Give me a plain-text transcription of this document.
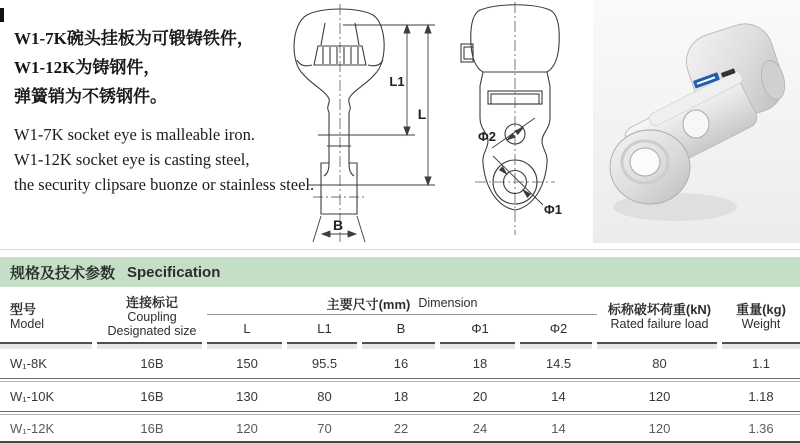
W1-7K碗头挂板为可锻铸铁件，
W1-12K为铸钢件，
弹簧销为不锈钢件。
W1-7K socket eye is malleable iron.
W1-12K socket eye is casting steel,
the security clipsare buonze or stainless steel.
L1
L
B
Φ2
Φ1
规格及技术参数 Specification
型号
Model
连接标记
Coupling
Designated size
主要尺寸(mm) Dimension
L	L1	B	Φ1	Φ2
标称破坏荷重(kN)
Rated failure load
重量(kg)
Weight
W₁-8K	16B	150	95.5	16	18	14.5	80	1.1
W₁-10K	16B	130	80	18	20	14	120	1.18
W₁-12K	16B	120	70	22	24	14	120	1.36
